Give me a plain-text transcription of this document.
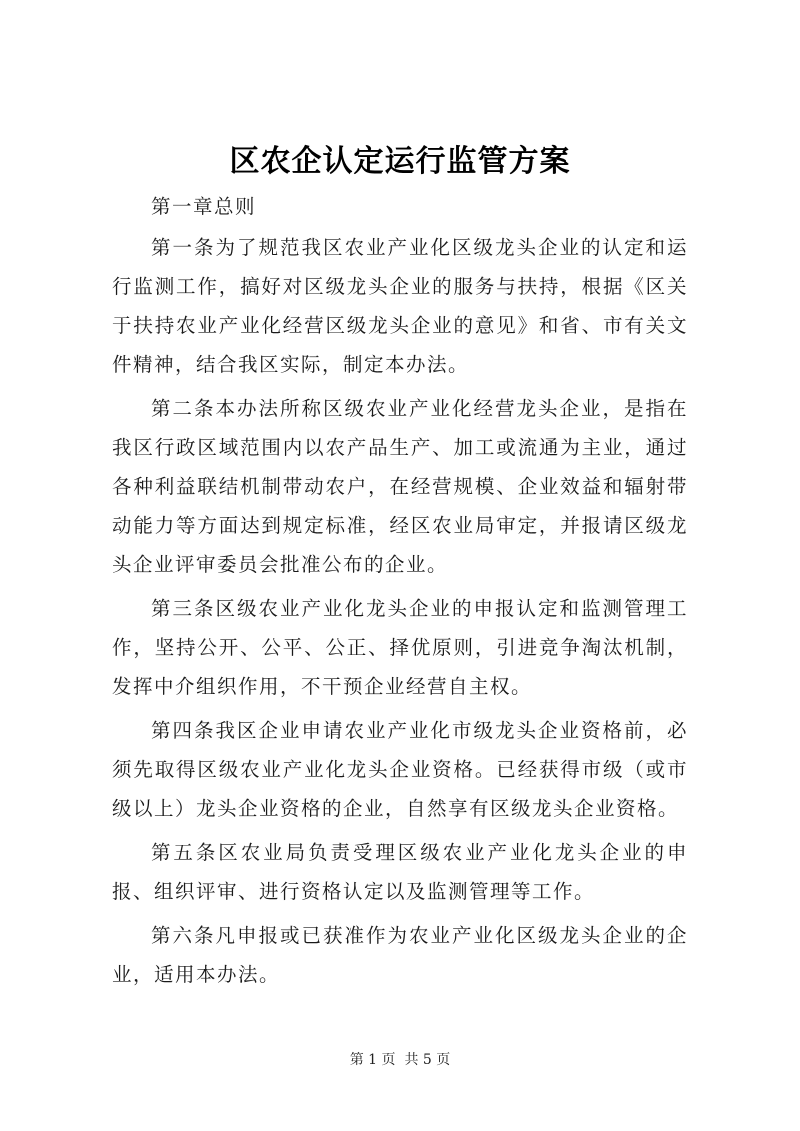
区农企认定运行监管方案

第一章总则

第一条为了规范我区农业产业化区级龙头企业的认定和运行监测工作，搞好对区级龙头企业的服务与扶持，根据《区关于扶持农业产业化经营区级龙头企业的意见》和省、市有关文件精神，结合我区实际，制定本办法。

第二条本办法所称区级农业产业化经营龙头企业，是指在我区行政区域范围内以农产品生产、加工或流通为主业，通过各种利益联结机制带动农户，在经营规模、企业效益和辐射带动能力等方面达到规定标准，经区农业局审定，并报请区级龙头企业评审委员会批准公布的企业。

第三条区级农业产业化龙头企业的申报认定和监测管理工作，坚持公开、公平、公正、择优原则，引进竞争淘汰机制，发挥中介组织作用，不干预企业经营自主权。

第四条我区企业申请农业产业化市级龙头企业资格前，必须先取得区级农业产业化龙头企业资格。已经获得市级（或市级以上）龙头企业资格的企业，自然享有区级龙头企业资格。

第五条区农业局负责受理区级农业产业化龙头企业的申报、组织评审、进行资格认定以及监测管理等工作。

第六条凡申报或已获准作为农业产业化区级龙头企业的企业，适用本办法。

第 1 页  共 5 页
